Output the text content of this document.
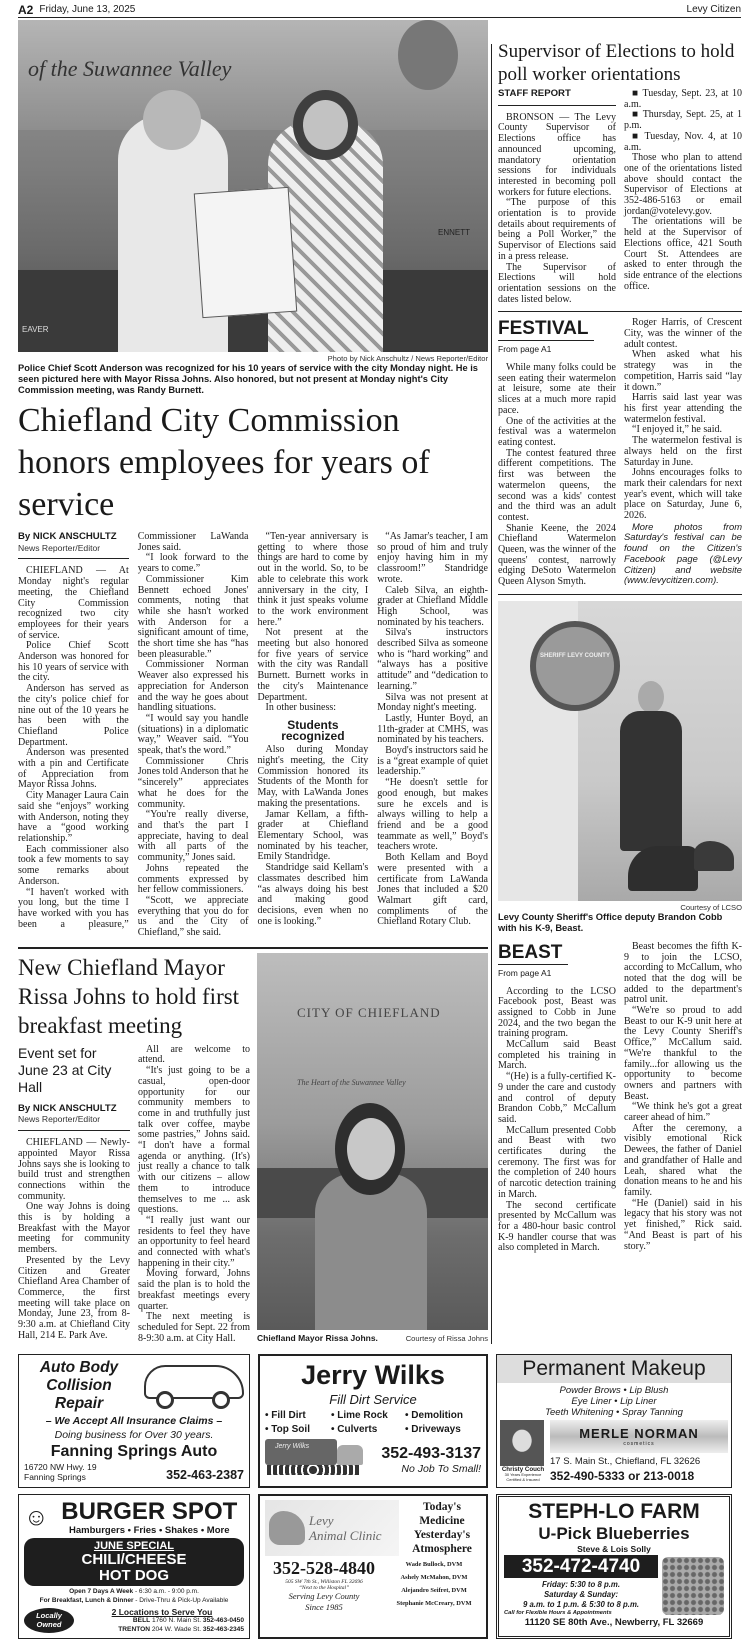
A2 Friday, June 13, 2025	Levy Citizen
of the Suwannee Valley
EAVER
ENNETT
Photo by Nick Anschultz / News Reporter/Editor
Police Chief Scott Anderson was recognized for his 10 years of service with the city Monday night. He is seen pictured here with Mayor Rissa Johns. Also honored, but not present at Monday night's City Commission meeting, was Randy Burnett.
Chiefland City Commission honors employees for years of service
By NICK ANSCHULTZ
News Reporter/Editor

CHIEFLAND — At Monday night's regular meeting, the Chiefland City Commission recognized two city employees for their years of service.

Police Chief Scott Anderson was honored for his 10 years of service with the city.

Anderson has served as the city's police chief for nine out of the 10 years he has been with the Chiefland Police Department.

Anderson was presented with a pin and Certificate of Appreciation from Mayor Rissa Johns.

City Manager Laura Cain said she “enjoys” working with Anderson, noting they have a “good working relationship.”

Each commissioner also took a few moments to say some remarks about Anderson.

“I haven't worked with you long, but the time I have worked with you has been a pleasure,” Commissioner LaWanda Jones said.

“I look forward to the years to come.”

Commissioner Kim Bennett echoed Jones' comments, noting that while she hasn't worked with Anderson for a significant amount of time, the short time she has “has been pleasurable.”

Commissioner Norman Weaver also expressed his appreciation for Anderson and the way he goes about handling situations.

“I would say you handle (situations) in a diplomatic way,” Weaver said. “You speak, that's the word.”

Commissioner Chris Jones told Anderson that he “sincerely” appreciates what he does for the community.

“You're really diverse, and that's the part I appreciate, having to deal with all parts of the community,” Jones said.

Johns repeated the comments expressed by her fellow commissioners.

“Scott, we appreciate everything that you do for us and the City of Chiefland,” she said.

“Ten-year anniversary is getting to where those things are hard to come by out in the world. So, to be able to celebrate this work anniversary in the city, I think it just speaks volume to the work environment here.”

Not present at the meeting but also honored for five years of service with the city was Randall Burnett. Burnett works in the city's Maintenance Department.

In other business:

Students recognized

Also during Monday night's meeting, the City Commission honored its Students of the Month for May, with LaWanda Jones making the presentations.

Jamar Kellam, a fifth-grader at Chiefland Elementary School, was nominated by his teacher, Emily Standridge.

Standridge said Kellam's classmates described him “as always doing his best and making good decisions, even when no one is looking.”

“As Jamar's teacher, I am so proud of him and truly enjoy having him in my classroom!” Standridge wrote.

Caleb Silva, an eighth-grader at Chiefland Middle High School, was nominated by his teachers.

Silva's instructors described Silva as someone who is “hard working” and “always has a positive attitude” and “dedication to learning.”

Silva was not present at Monday night's meeting.

Lastly, Hunter Boyd, an 11th-grader at CMHS, was nominated by his teachers.

Boyd's instructors said he is a “great example of quiet leadership.”

“He doesn't settle for good enough, but makes sure he excels and is always willing to help a friend and be a good teammate as well,” Boyd's teachers wrote.

Both Kellam and Boyd were presented with a certificate from LaWanda Jones that included a $20 Walmart gift card, compliments of the Chiefland Rotary Club.

New Chiefland Mayor Rissa Johns to hold first breakfast meeting
Event set for June 23 at City Hall
By NICK ANSCHULTZ
News Reporter/Editor

CHIEFLAND — Newly-appointed Mayor Rissa Johns says she is looking to build trust and strengthen connections within the community.

One way Johns is doing this is by holding a Breakfast with the Mayor meeting for community members.

Presented by the Levy Citizen and Greater Chiefland Area Chamber of Commerce, the first meeting will take place on Monday, June 23, from 8-9:30 a.m. at Chiefland City Hall, 214 E. Park Ave.

All are welcome to attend.

“It's just going to be a casual, open-door opportunity for our community members to come in and truthfully just talk over coffee, maybe some pastries,” Johns said. “I don't have a formal agenda or anything. (It's) just really a chance to talk with our citizens – allow them to introduce themselves to me ... ask questions.

“I really just want our residents to feel they have an opportunity to feel heard and connected with what's happening in their city.”

Moving forward, Johns said the plan is to hold the breakfast meetings every quarter.

The next meeting is scheduled for Sept. 22 from 8-9:30 a.m. at City Hall.

CITY OF CHIEFLAND
The Heart of the Suwannee Valley
Chiefland Mayor Rissa Johns.	Courtesy of Rissa Johns
Supervisor of Elections to hold poll worker orientations
STAFF REPORT

BRONSON — The Levy County Supervisor of Elections office has announced upcoming, mandatory orientation sessions for individuals interested in becoming poll workers for future elections.

“The purpose of this orientation is to provide details about requirements of being a Poll Worker,” the Supervisor of Elections said in a press release.

The Supervisor of Elections will hold orientation sessions on the dates listed below.

■ Tuesday, Sept. 23, at 10 a.m.

■ Thursday, Sept. 25, at 1 p.m.

■ Tuesday, Nov. 4, at 10 a.m.

Those who plan to attend one of the orientations listed above should contact the Supervisor of Elections at 352-486-5163 or email jordan@votelevy.gov.

The orientations will be held at the Supervisor of Elections office, 421 South Court St. Attendees are asked to enter through the side entrance of the elections office.

FESTIVAL
From page A1

While many folks could be seen eating their watermelon at leisure, some ate their slices at a much more rapid pace.

One of the activities at the festival was a watermelon eating contest.

The contest featured three different competitions. The first was between the watermelon queens, the second was a kids' contest and the third was an adult contest.

Shanie Keene, the 2024 Chiefland Watermelon Queen, was the winner of the queens' contest, narrowly edging DeSoto Watermelon Queen Alyson Smyth.

Roger Harris, of Crescent City, was the winner of the adult contest.

When asked what his strategy was in the competition, Harris said “lay it down.”

Harris said last year was his first year attending the watermelon festival.

“I enjoyed it,” he said.

The watermelon festival is always held on the first Saturday in June.

Johns encourages folks to mark their calendars for next year's event, which will take place on Saturday, June 6, 2026.

More photos from Saturday's festival can be found on the Citizen's Facebook page (@Levy Citizen) and website (www.levycitizen.com).

SHERIFF LEVY COUNTY
Courtesy of LCSO
Levy County Sheriff's Office deputy Brandon Cobb with his K-9, Beast.
BEAST
From page A1

According to the LCSO Facebook post, Beast was assigned to Cobb in June 2024, and the two began the training program.

McCallum said Beast completed his training in March.

“(He) is a fully-certified K-9 under the care and custody and control of deputy Brandon Cobb,” McCallum said.

McCallum presented Cobb and Beast with two certificates during the ceremony. The first was for the completion of 240 hours of narcotic detection training in March.

The second certificate presented by McCallum was for a 480-hour basic control K-9 handler course that was also completed in March.

Beast becomes the fifth K-9 to join the LCSO, according to McCallum, who noted that the dog will be added to the department's patrol unit.

“We're so proud to add Beast to our K-9 unit here at the Levy County Sheriff's Office,” McCallum said. “We're thankful to the family...for allowing us the opportunity to become owners and partners with Beast.

“We think he's got a great career ahead of him.”

After the ceremony, a visibly emotional Rick Dewees, the father of Daniel and grandfather of Halle and Leah, shared what the donation means to he and his family.

“He (Daniel) said in his legacy that his story was not yet finished,” Rick said. “And Beast is part of his story.”

Auto Body
Collision
Repair
– We Accept All Insurance Claims –
Doing business for Over 30 years.
Fanning Springs Auto
16720 NW Hwy. 19
Fanning Springs	352-463-2387
Jerry Wilks
Fill Dirt Service
• Fill Dirt	• Lime Rock	• Demolition
• Top Soil	• Culverts	• Driveways
Jerry Wilks	352-493-3137
No Job To Small!
Permanent Makeup
Powder Brows • Lip Blush
Eye Liner • Lip Liner
Teeth Whitening • Spray Tanning
Christy Couch
30 Years Experience Certified & Insured
MERLE NORMAN
cosmetics
17 S. Main St., Chiefland, FL 32626
352-490-5333 or 213-0018
☺ BURGER SPOT
Hamburgers • Fries • Shakes • More
JUNE SPECIAL
CHILI/CHEESE
HOT DOG
Open 7 Days A Week - 6:30 a.m. - 9:00 p.m.
For Breakfast, Lunch & Dinner - Drive-Thru & Pick-Up Available
Locally
Owned
2 Locations to Serve You
BELL 1760 N. Main St. 352-463-0450
TRENTON 204 W. Wade St. 352-463-2345
Levy
Animal Clinic
Today's
Medicine
Yesterday's
Atmosphere
352-528-4840
505 SW 7th St., Williston FL 32696
“Next to the Hospital”
Serving Levy County
Since 1985
Wade Bullock, DVM
Ashely McMahon, DVM
Alejandro Seifret, DVM
Stephanie McCreary, DVM
STEPH-LO FARM
U-Pick Blueberries
Steve & Lois Solly
352-472-4740
Friday: 5:30 to 8 p.m.
Saturday & Sunday:
9 a.m. to 1 p.m. & 5:30 to 8 p.m.
Call for Flexible Hours & Appointments
11120 SE 80th Ave., Newberry, FL 32669
